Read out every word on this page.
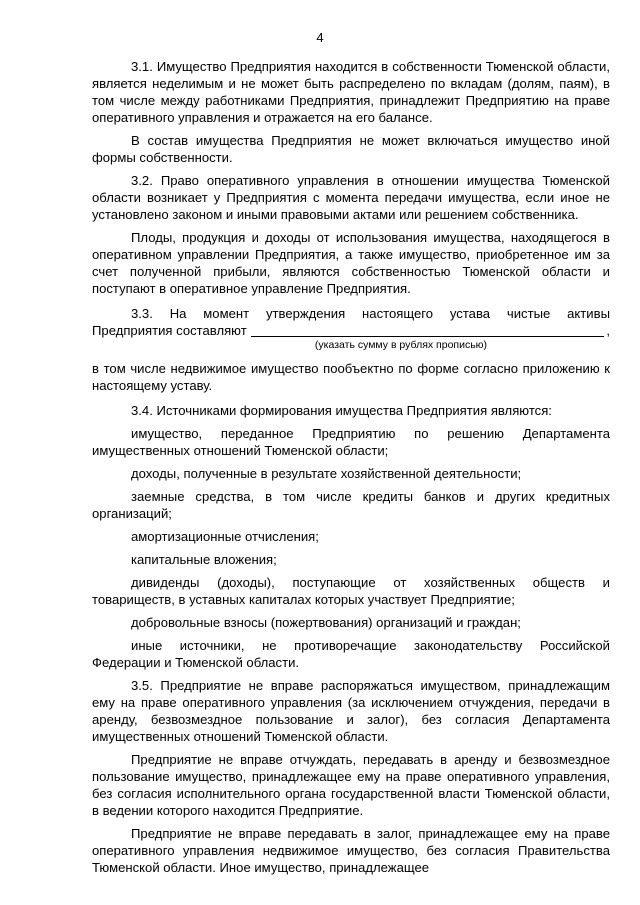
4

3.1. Имущество Предприятия находится в собственности Тюменской области, является неделимым и не может быть распределено по вкладам (долям, паям), в том числе между работниками Предприятия, принадлежит Предприятию на праве оперативного управления и отражается на его балансе.

В состав имущества Предприятия не может включаться имущество иной формы собственности.

3.2. Право оперативного управления в отношении имущества Тюменской области возникает у Предприятия с момента передачи имущества, если иное не установлено законом и иными правовыми актами или решением собственника.

Плоды, продукция и доходы от использования имущества, находящегося в оперативном управлении Предприятия, а также имущество, приобретенное им за счет полученной прибыли, являются собственностью Тюменской области и поступают в оперативное управление Предприятия.

3.3. На момент утверждения настоящего устава чистые активы

Предприятия составляют	,
(указать сумму в рублях прописью)

в том числе недвижимое имущество пообъектно по форме согласно приложению к настоящему уставу.

3.4. Источниками формирования имущества Предприятия являются:

имущество, переданное Предприятию по решению Департамента имущественных отношений Тюменской области;

доходы, полученные в результате хозяйственной деятельности;

заемные средства, в том числе кредиты банков и других кредитных организаций;

амортизационные отчисления;

капитальные вложения;

дивиденды (доходы), поступающие от хозяйственных обществ и товариществ, в уставных капиталах которых участвует Предприятие;

добровольные взносы (пожертвования) организаций и граждан;

иные источники, не противоречащие законодательству Российской Федерации и Тюменской области.

3.5. Предприятие не вправе распоряжаться имуществом, принадлежащим ему на праве оперативного управления (за исключением отчуждения, передачи в аренду, безвозмездное пользование и залог), без согласия Департамента имущественных отношений Тюменской области.

Предприятие не вправе отчуждать, передавать в аренду и безвозмездное пользование имущество, принадлежащее ему на праве оперативного управления, без согласия исполнительного органа государственной власти Тюменской области, в ведении которого находится Предприятие.

Предприятие не вправе передавать в залог, принадлежащее ему на праве оперативного управления недвижимое имущество, без согласия Правительства Тюменской области. Иное имущество, принадлежащее
